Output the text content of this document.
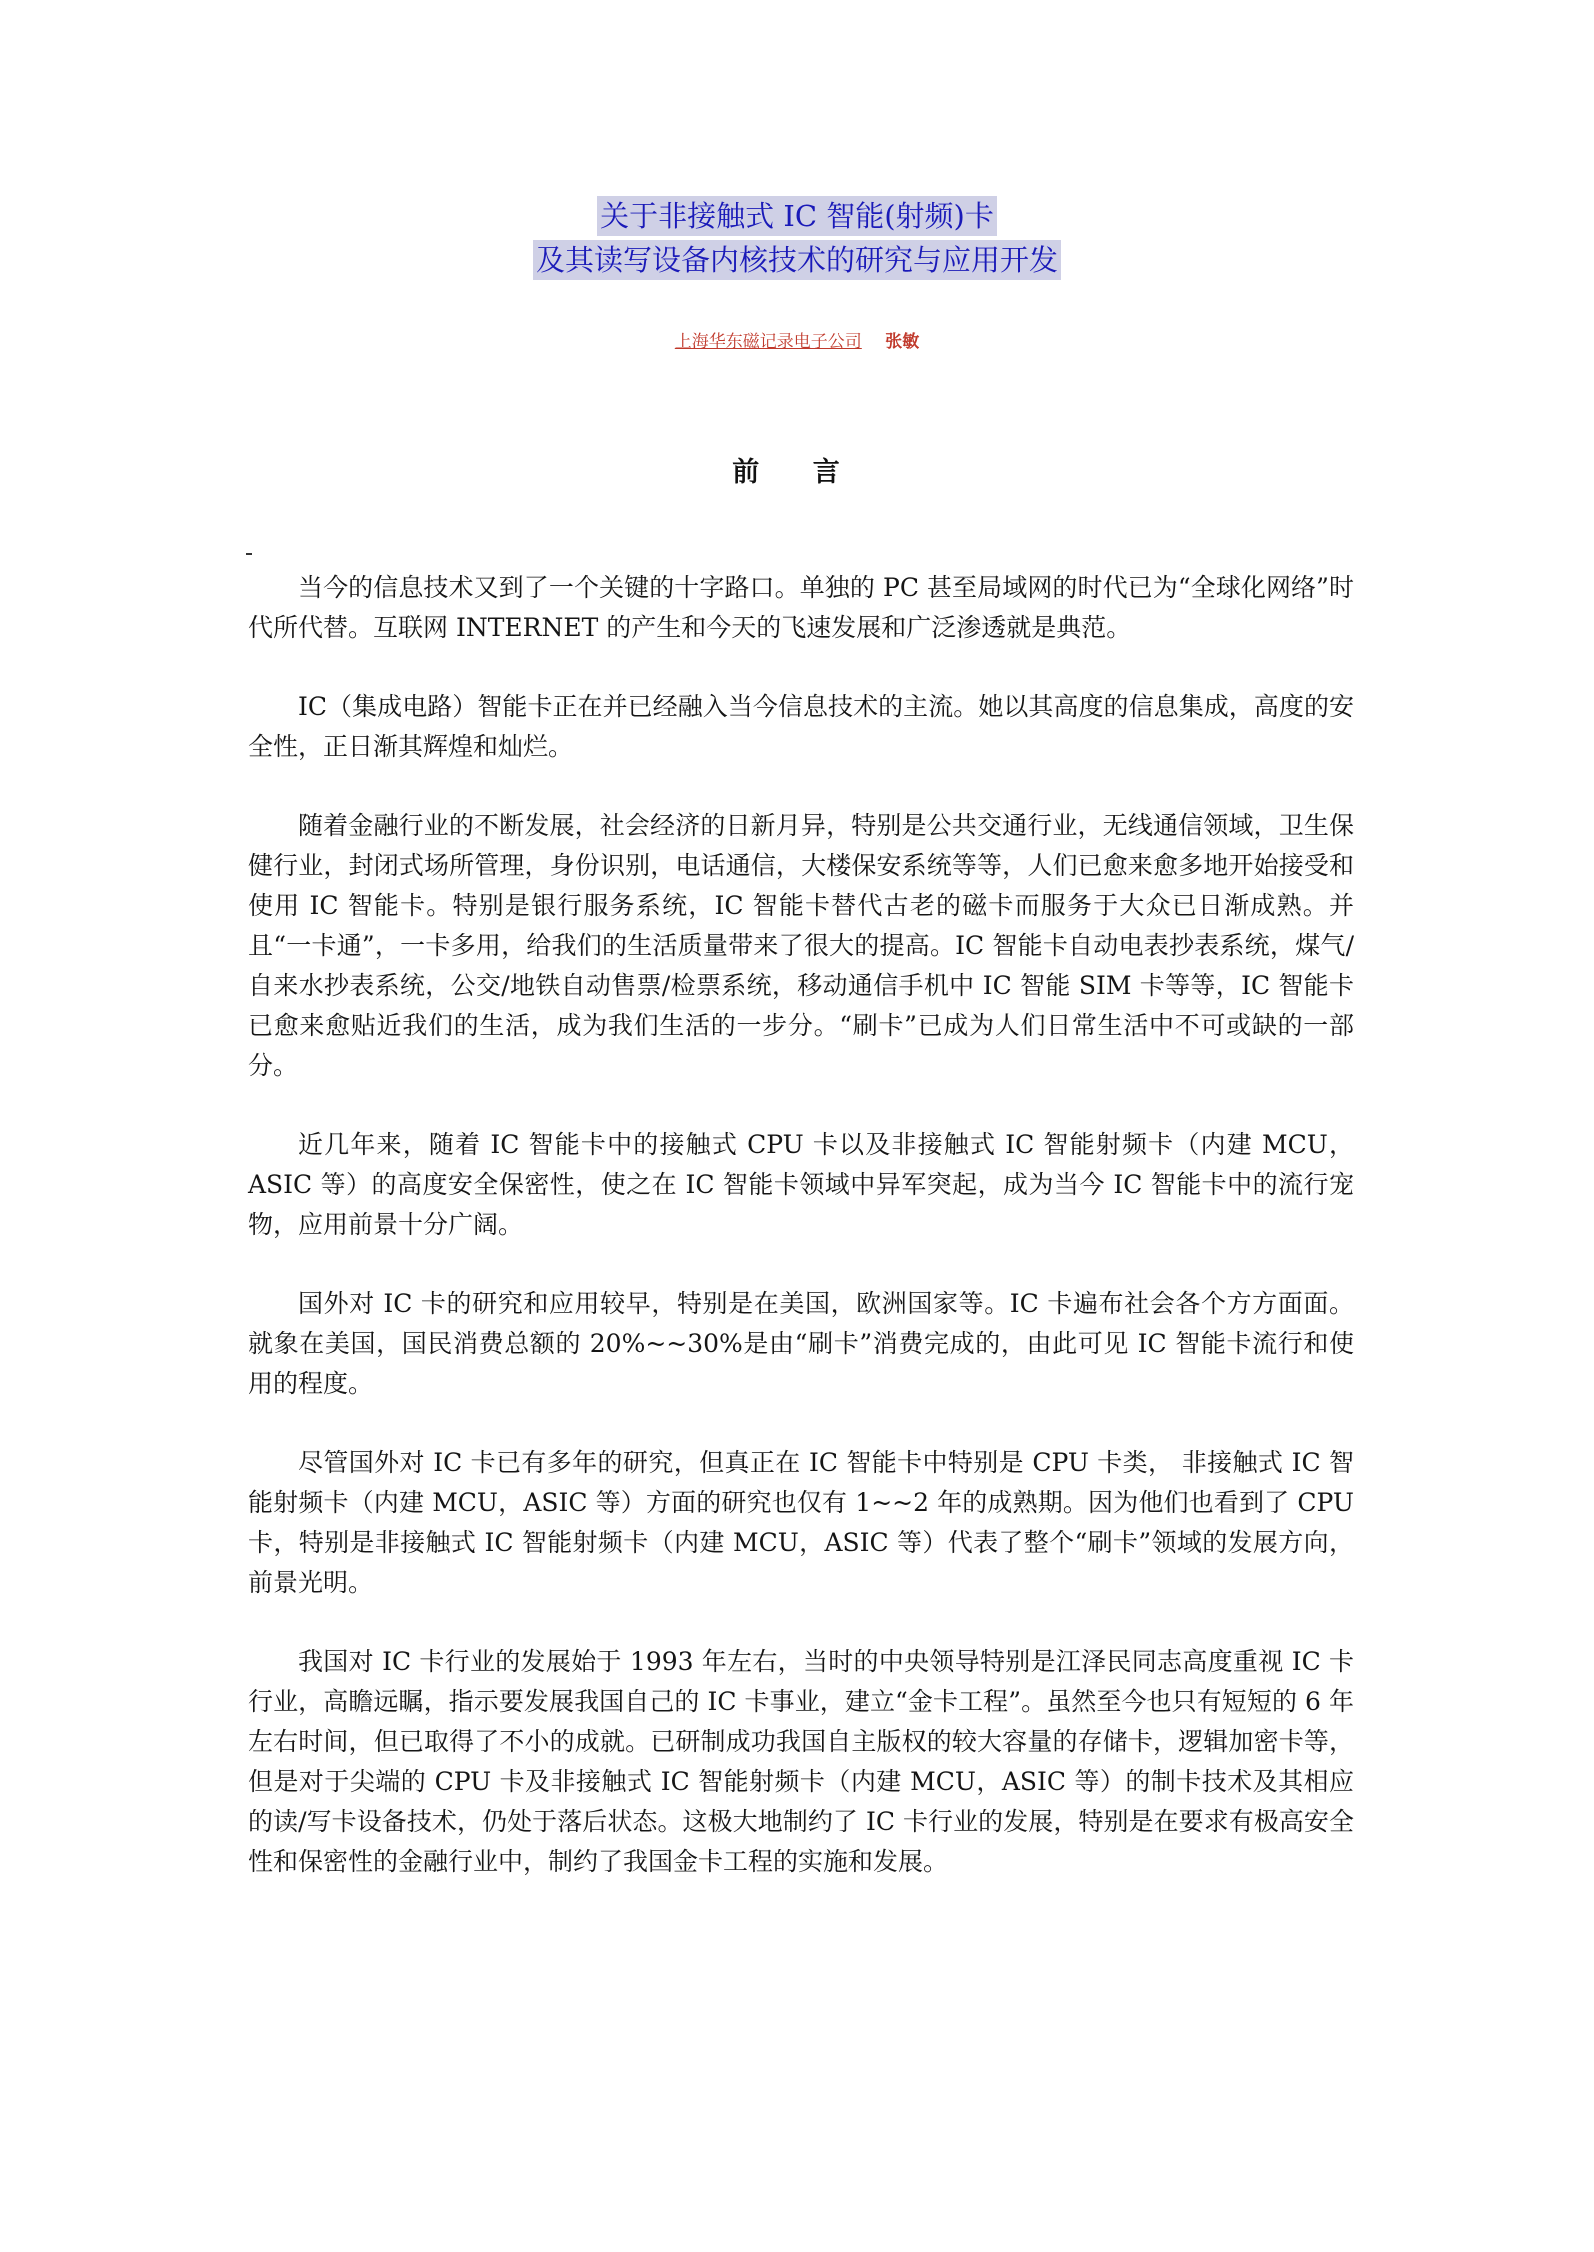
关于非接触式 IC 智能(射频)卡
及其读写设备内核技术的研究与应用开发
上海华东磁记录电子公司 张敏
前 言

当今的信息技术又到了一个关键的十字路口。单独的 PC 甚至局域网的时代已为“全球化网络”时代所代替。互联网 INTERNET 的产生和今天的飞速发展和广泛渗透就是典范。

IC（集成电路）智能卡正在并已经融入当今信息技术的主流。她以其高度的信息集成，高度的安全性，正日渐其辉煌和灿烂。

随着金融行业的不断发展，社会经济的日新月异，特别是公共交通行业，无线通信领域，卫生保健行业，封闭式场所管理，身份识别，电话通信，大楼保安系统等等，人们已愈来愈多地开始接受和使用 IC 智能卡。特别是银行服务系统，IC 智能卡替代古老的磁卡而服务于大众已日渐成熟。并且“一卡通”，一卡多用，给我们的生活质量带来了很大的提高。IC 智能卡自动电表抄表系统，煤气/自来水抄表系统，公交/地铁自动售票/检票系统，移动通信手机中 IC 智能 SIM 卡等等，IC 智能卡已愈来愈贴近我们的生活，成为我们生活的一步分。“刷卡”已成为人们日常生活中不可或缺的一部分。

近几年来，随着 IC 智能卡中的接触式 CPU 卡以及非接触式 IC 智能射频卡（内建 MCU，ASIC 等）的高度安全保密性，使之在 IC 智能卡领域中异军突起，成为当今 IC 智能卡中的流行宠物，应用前景十分广阔。

国外对 IC 卡的研究和应用较早，特别是在美国，欧洲国家等。IC 卡遍布社会各个方方面面。就象在美国，国民消费总额的 20%~~30%是由“刷卡”消费完成的，由此可见 IC 智能卡流行和使用的程度。

尽管国外对 IC 卡已有多年的研究，但真正在 IC 智能卡中特别是 CPU 卡类， 非接触式 IC 智能射频卡（内建 MCU，ASIC 等）方面的研究也仅有 1~~2 年的成熟期。因为他们也看到了 CPU 卡，特别是非接触式 IC 智能射频卡（内建 MCU，ASIC 等）代表了整个“刷卡”领域的发展方向，前景光明。

我国对 IC 卡行业的发展始于 1993 年左右，当时的中央领导特别是江泽民同志高度重视 IC 卡行业，高瞻远瞩，指示要发展我国自己的 IC 卡事业，建立“金卡工程”。虽然至今也只有短短的 6 年左右时间，但已取得了不小的成就。已研制成功我国自主版权的较大容量的存储卡，逻辑加密卡等，但是对于尖端的 CPU 卡及非接触式 IC 智能射频卡（内建 MCU，ASIC 等）的制卡技术及其相应的读/写卡设备技术，仍处于落后状态。这极大地制约了 IC 卡行业的发展，特别是在要求有极高安全性和保密性的金融行业中，制约了我国金卡工程的实施和发展。
